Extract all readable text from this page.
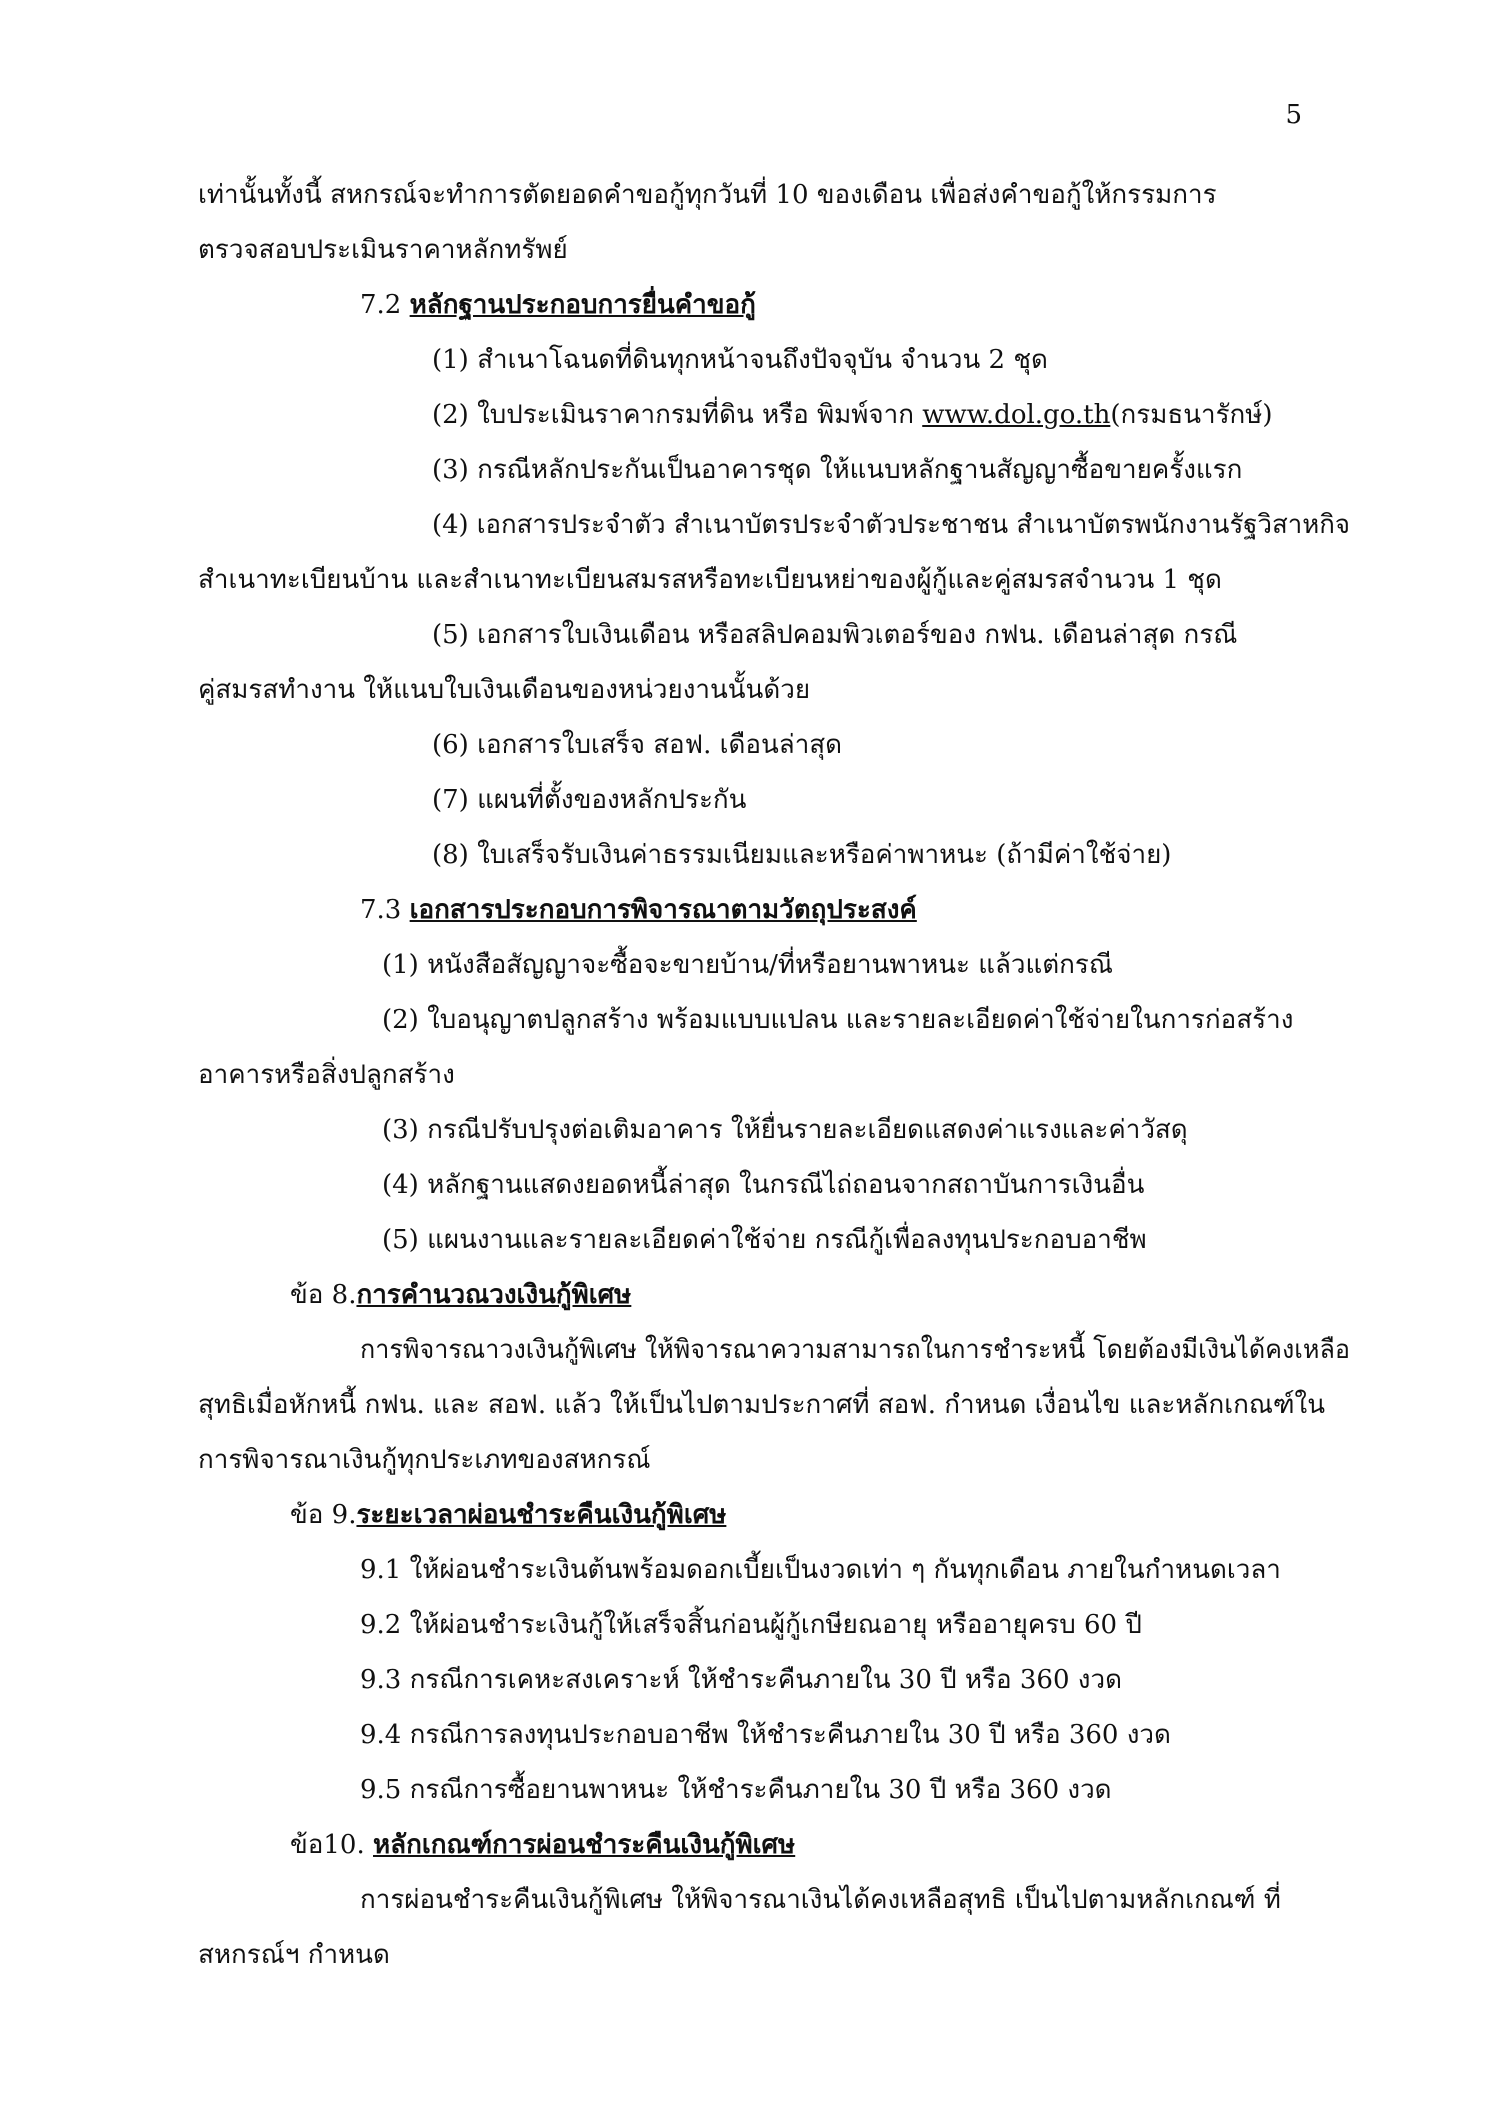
5
เท่านั้นทั้งนี้ สหกรณ์จะทำการตัดยอดคำขอกู้ทุกวันที่ 10 ของเดือน เพื่อส่งคำขอกู้ให้กรรมการ
ตรวจสอบประเมินราคาหลักทรัพย์
7.2 หลักฐานประกอบการยื่นคำขอกู้
(1) สำเนาโฉนดที่ดินทุกหน้าจนถึงปัจจุบัน จำนวน 2 ชุด
(2) ใบประเมินราคากรมที่ดิน หรือ พิมพ์จาก www.dol.go.th(กรมธนารักษ์)
(3) กรณีหลักประกันเป็นอาคารชุด ให้แนบหลักฐานสัญญาซื้อขายครั้งแรก
(4) เอกสารประจำตัว สำเนาบัตรประจำตัวประชาชน สำเนาบัตรพนักงานรัฐวิสาหกิจ
สำเนาทะเบียนบ้าน และสำเนาทะเบียนสมรสหรือทะเบียนหย่าของผู้กู้และคู่สมรสจำนวน 1 ชุด
(5) เอกสารใบเงินเดือน หรือสลิปคอมพิวเตอร์ของ กฟน. เดือนล่าสุด กรณี
คู่สมรสทำงาน ให้แนบใบเงินเดือนของหน่วยงานนั้นด้วย
(6) เอกสารใบเสร็จ สอฟ. เดือนล่าสุด
(7) แผนที่ตั้งของหลักประกัน
(8) ใบเสร็จรับเงินค่าธรรมเนียมและหรือค่าพาหนะ (ถ้ามีค่าใช้จ่าย)
7.3 เอกสารประกอบการพิจารณาตามวัตถุประสงค์
(1) หนังสือสัญญาจะซื้อจะขายบ้าน/ที่หรือยานพาหนะ แล้วแต่กรณี
(2) ใบอนุญาตปลูกสร้าง พร้อมแบบแปลน และรายละเอียดค่าใช้จ่ายในการก่อสร้าง
อาคารหรือสิ่งปลูกสร้าง
(3) กรณีปรับปรุงต่อเติมอาคาร ให้ยื่นรายละเอียดแสดงค่าแรงและค่าวัสดุ
(4) หลักฐานแสดงยอดหนี้ล่าสุด ในกรณีไถ่ถอนจากสถาบันการเงินอื่น
(5) แผนงานและรายละเอียดค่าใช้จ่าย กรณีกู้เพื่อลงทุนประกอบอาชีพ
ข้อ 8.การคำนวณวงเงินกู้พิเศษ
การพิจารณาวงเงินกู้พิเศษ ให้พิจารณาความสามารถในการชำระหนี้ โดยต้องมีเงินได้คงเหลือ
สุทธิเมื่อหักหนี้ กฟน. และ สอฟ. แล้ว ให้เป็นไปตามประกาศที่ สอฟ. กำหนด เงื่อนไข และหลักเกณฑ์ใน
การพิจารณาเงินกู้ทุกประเภทของสหกรณ์
ข้อ 9.ระยะเวลาผ่อนชำระคืนเงินกู้พิเศษ
9.1 ให้ผ่อนชำระเงินต้นพร้อมดอกเบี้ยเป็นงวดเท่า ๆ กันทุกเดือน ภายในกำหนดเวลา
9.2 ให้ผ่อนชำระเงินกู้ให้เสร็จสิ้นก่อนผู้กู้เกษียณอายุ หรืออายุครบ 60 ปี
9.3 กรณีการเคหะสงเคราะห์ ให้ชำระคืนภายใน 30 ปี หรือ 360 งวด
9.4 กรณีการลงทุนประกอบอาชีพ ให้ชำระคืนภายใน 30 ปี หรือ 360 งวด
9.5 กรณีการซื้อยานพาหนะ ให้ชำระคืนภายใน 30 ปี หรือ 360 งวด
ข้อ10. หลักเกณฑ์การผ่อนชำระคืนเงินกู้พิเศษ
การผ่อนชำระคืนเงินกู้พิเศษ ให้พิจารณาเงินได้คงเหลือสุทธิ เป็นไปตามหลักเกณฑ์ ที่
สหกรณ์ฯ กำหนด
